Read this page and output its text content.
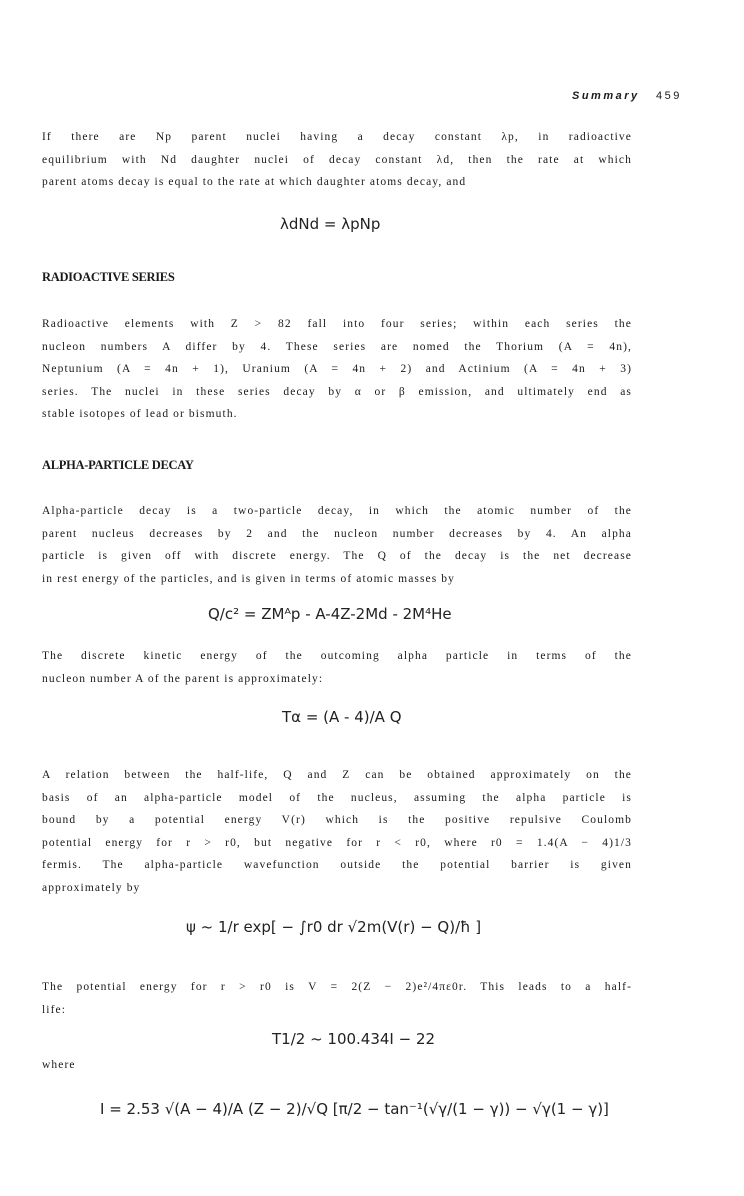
Summary 459
If there are Np parent nuclei having a decay constant λp, in radioactive
equilibrium with Nd daughter nuclei of decay constant λd, then the rate at which
parent atoms decay is equal to the rate at which daughter atoms decay, and
λdNd = λpNp
RADIOACTIVE SERIES
Radioactive elements with Z > 82 fall into four series; within each series the
nucleon numbers A differ by 4. These series are nomed the Thorium (A = 4n),
Neptunium (A = 4n + 1), Uranium (A = 4n + 2) and Actinium (A = 4n + 3)
series. The nuclei in these series decay by α or β emission, and ultimately end as
stable isotopes of lead or bismuth.
ALPHA-PARTICLE DECAY
Alpha-particle decay is a two-particle decay, in which the atomic number of the
parent nucleus decreases by 2 and the nucleon number decreases by 4. An alpha
particle is given off with discrete energy. The Q of the decay is the net decrease
in rest energy of the particles, and is given in terms of atomic masses by
Q/c² = ZMᴬp - A-4Z-2Md - 2M⁴He
The discrete kinetic energy of the outcoming alpha particle in terms of the
nucleon number A of the parent is approximately:
Tα = (A - 4)/A Q
A relation between the half-life, Q and Z can be obtained approximately on the
basis of an alpha-particle model of the nucleus, assuming the alpha particle is
bound by a potential energy V(r) which is the positive repulsive Coulomb
potential energy for r > r0, but negative for r < r0, where r0 = 1.4(A − 4)1/3
fermis. The alpha-particle wavefunction outside the potential barrier is given
approximately by
ψ ~ 1/r exp[ − ∫r0 dr √2m(V(r) − Q)/ħ ]
The potential energy for r > r0 is V = 2(Z − 2)e²/4πε0r. This leads to a half-
life:
T1/2 ~ 100.434I − 22
where
I = 2.53 √(A − 4)/A (Z − 2)/√Q [π/2 − tan⁻¹(√γ/(1 − γ)) − √γ(1 − γ)]
